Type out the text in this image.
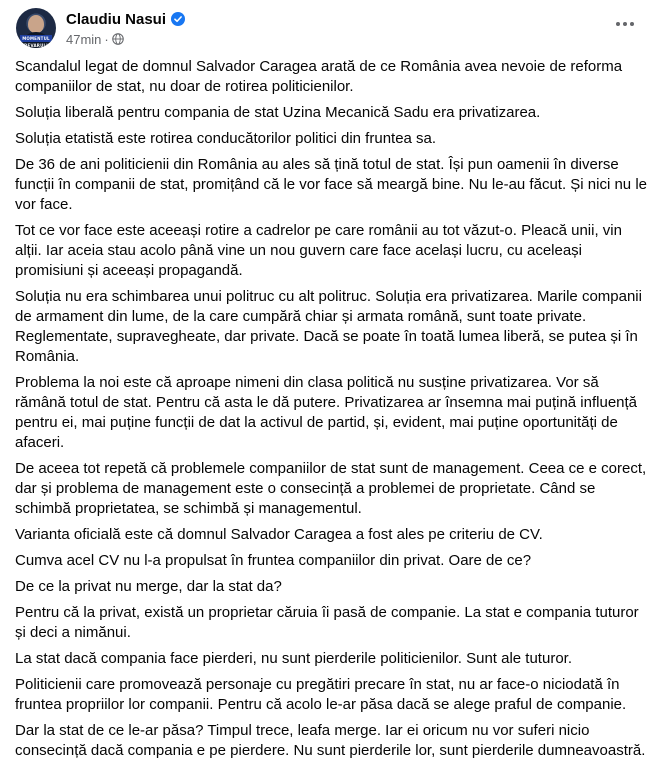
MOMENTUL ADEVARULUI
Claudiu Nasui
47min ·

Scandalul legat de domnul Salvador Caragea arată de ce România avea nevoie de reforma companiilor de stat, nu doar de rotirea politicienilor.

Soluția liberală pentru compania de stat Uzina Mecanică Sadu era privatizarea.

Soluția etatistă este rotirea conducătorilor politici din fruntea sa.

De 36 de ani politicienii din România au ales să țină totul de stat. Își pun oamenii în diverse funcții în companii de stat, promițând că le vor face să meargă bine. Nu le-au făcut. Și nici nu le vor face.

Tot ce vor face este aceeași rotire a cadrelor pe care românii au tot văzut-o. Pleacă unii, vin alții. Iar aceia stau acolo până vine un nou guvern care face același lucru, cu aceleași promisiuni și aceeași propagandă.

Soluția nu era schimbarea unui politruc cu alt politruc. Soluția era privatizarea. Marile companii de armament din lume, de la care cumpără chiar și armata română, sunt toate private. Reglementate, supravegheate, dar private. Dacă se poate în toată lumea liberă, se putea și în România.

Problema la noi este că aproape nimeni din clasa politică nu susține privatizarea. Vor să rămână totul de stat. Pentru că asta le dă putere. Privatizarea ar însemna mai puțină influență pentru ei, mai puține funcții de dat la activul de partid, și, evident, mai puține oportunități de afaceri.

De aceea tot repetă că problemele companiilor de stat sunt de management. Ceea ce e corect, dar și problema de management este o consecință a problemei de proprietate. Când se schimbă proprietatea, se schimbă și managementul.

Varianta oficială este că domnul Salvador Caragea a fost ales pe criteriu de CV.

Cumva acel CV nu l-a propulsat în fruntea companiilor din privat. Oare de ce?

De ce la privat nu merge, dar la stat da?

Pentru că la privat, există un proprietar căruia îi pasă de companie. La stat e compania tuturor și deci a nimănui.

La stat dacă compania face pierderi, nu sunt pierderile politicienilor. Sunt ale tuturor.

Politicienii care promovează personaje cu pregătiri precare în stat, nu ar face-o niciodată în fruntea propriilor lor companii. Pentru că acolo le-ar păsa dacă se alege praful de companie.

Dar la stat de ce le-ar păsa? Timpul trece, leafa merge. Iar ei oricum nu vor suferi nicio consecință dacă compania e pe pierdere. Nu sunt pierderile lor, sunt pierderile dumneavoastră.
